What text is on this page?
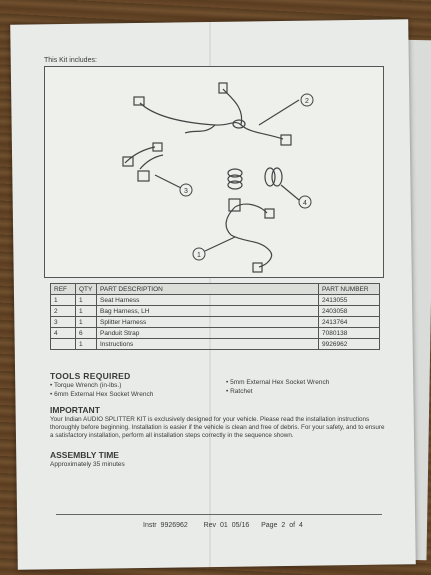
This Kit includes:
2
3
4
1
REF	QTY	PART DESCRIPTION	PART NUMBER
1	1	Seat Harness	2413055
2	1	Bag Harness, LH	2403058
3	1	Splitter Harness	2413764
4	6	Panduit Strap	7080138
	1	Instructions	9926962
TOOLS REQUIRED
• Torque Wrench (in-lbs.)
• 6mm External Hex Socket Wrench
• 5mm External Hex Socket Wrench
• Ratchet
IMPORTANT
Your Indian AUDIO SPLITTER KIT is exclusively designed for your vehicle. Please read the installation instructions thoroughly before beginning. Installation is easier if the vehicle is clean and free of debris. For your safety, and to ensure a satisfactory installation, perform all installation steps correctly in the sequence shown.
ASSEMBLY TIME
Approximately 35 minutes
Instr 9926962 Rev 01 05/16 Page 2 of 4
